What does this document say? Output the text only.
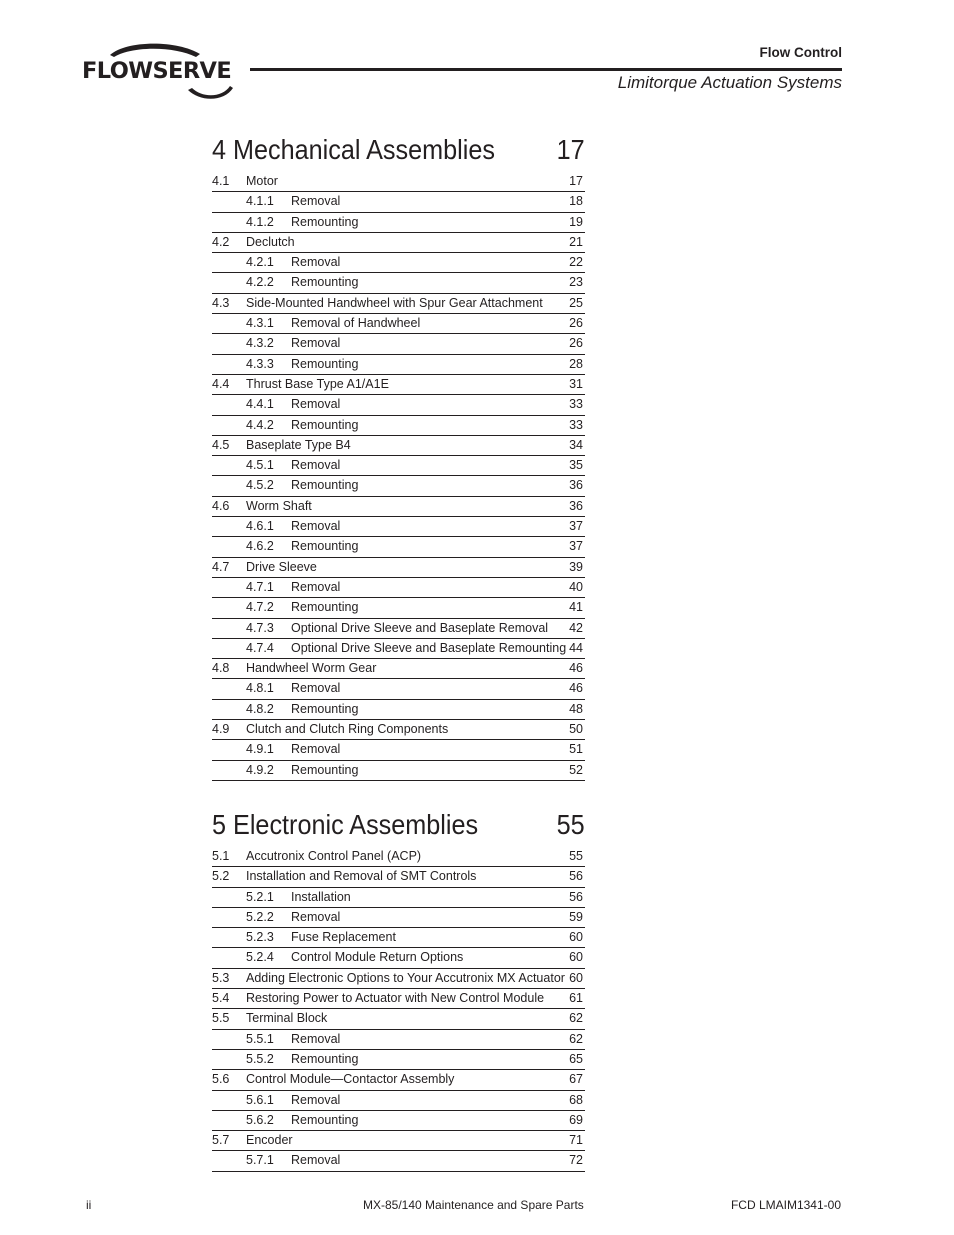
FLOWSERVE
Flow Control
Limitorque Actuation Systems
4 Mechanical Assemblies 17
4.1 Motor	17
4.1.1 Removal	18
4.1.2 Remounting	19
4.2 Declutch	21
4.2.1 Removal	22
4.2.2 Remounting	23
4.3 Side-Mounted Handwheel with Spur Gear Attachment 25
4.3.1 Removal of Handwheel	26
4.3.2 Removal	26
4.3.3 Remounting	28
4.4 Thrust Base Type A1/A1E	31
4.4.1 Removal	33
4.4.2 Remounting	33
4.5 Baseplate Type B4	34
4.5.1 Removal	35
4.5.2 Remounting	36
4.6 Worm Shaft	36
4.6.1 Removal	37
4.6.2 Remounting	37
4.7 Drive Sleeve	39
4.7.1 Removal	40
4.7.2 Remounting	41
4.7.3 Optional Drive Sleeve and Baseplate Removal 42
4.7.4 Optional Drive Sleeve and Baseplate Remounting 44
4.8 Handwheel Worm Gear	46
4.8.1 Removal	46
4.8.2 Remounting	48
4.9 Clutch and Clutch Ring Components	50
4.9.1 Removal	51
4.9.2 Remounting	52
5 Electronic Assemblies	55
5.1 Accutronix Control Panel (ACP)	55
5.2 Installation and Removal of SMT Controls	56
5.2.1 Installation	56
5.2.2 Removal	59
5.2.3 Fuse Replacement	60
5.2.4 Control Module Return Options	60
5.3 Adding Electronic Options to Your Accutronix MX Actuator 60
5.4 Restoring Power to Actuator with New Control Module 61
5.5 Terminal Block	62
5.5.1 Removal	62
5.5.2 Remounting	65
5.6 Control Module—Contactor Assembly	67
5.6.1 Removal	68
5.6.2 Remounting	69
5.7 Encoder	71
5.7.1 Removal	72
ii	MX-85/140 Maintenance and Spare Parts	FCD LMAIM1341-00
